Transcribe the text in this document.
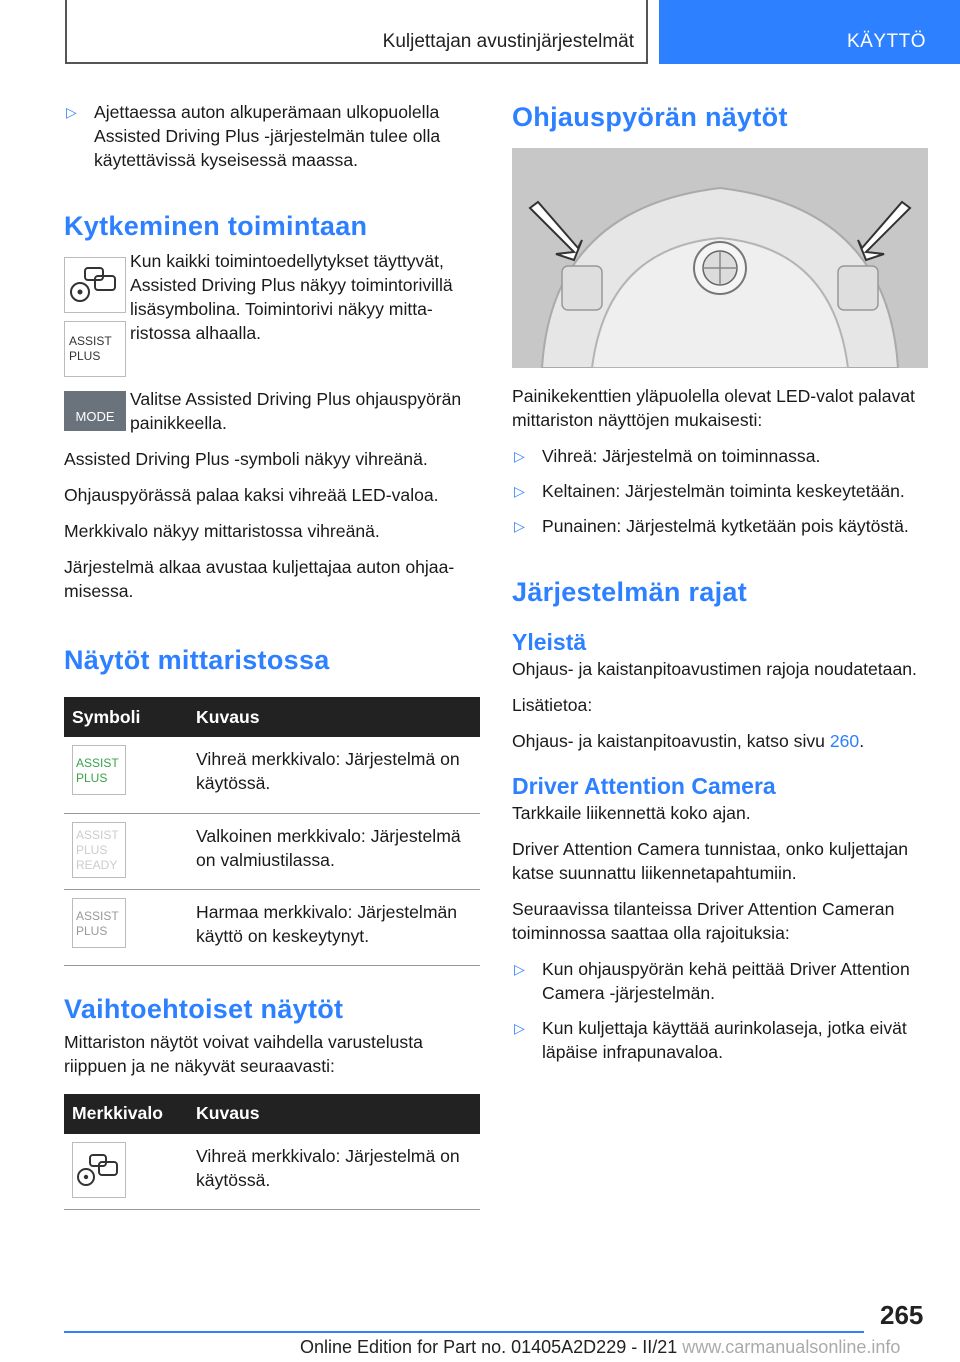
Kuljettajan avustinjärjestelmät	KÄYTTÖ
▷ Ajettaessa auton alkuperämaan ulkopuolella Assisted Driving Plus -järjestelmän tulee olla käytettävissä kyseisessä maassa.
Kytkeminen toimintaan
ASSIST PLUS

Kun kaikki toimintoedellytykset täyttyvät, Assisted Driving Plus näkyy toimintorivillä lisäsymbolina. Toimintorivi näkyy mittaristossa alhaalla.

MODE

Valitse Assisted Driving Plus ohjauspyörän painikkeella.

Assisted Driving Plus -symboli näkyy vihreänä.

Ohjauspyörässä palaa kaksi vihreää LED-valoa.

Merkkivalo näkyy mittaristossa vihreänä.

Järjestelmä alkaa avustaa kuljettajaa auton ohjaamisessa.

Näytöt mittaristossa
Symboli	Kuvaus

ASSIST PLUS	Vihreä merkkivalo: Järjestelmä on käytössä.

ASSIST PLUS READY	Valkoinen merkkivalo: Järjestelmä on valmiustilassa.

ASSIST PLUS	Harmaa merkkivalo: Järjestelmän käyttö on keskeytynyt.
Vaihtoehtoiset näytöt

Mittariston näytöt voivat vaihdella varustelusta riippuen ja ne näkyvät seuraavasti:

Merkkivalo	Kuvaus

	Vihreä merkkivalo: Järjestelmä on käytössä.
Ohjauspyörän näytöt

Painikekenttien yläpuolella olevat LED-valot palavat mittariston näyttöjen mukaisesti:

▷ Vihreä: Järjestelmä on toiminnassa.
▷ Keltainen: Järjestelmän toiminta keskeytetään.
▷ Punainen: Järjestelmä kytketään pois käytöstä.
Järjestelmän rajat
Yleistä

Ohjaus- ja kaistanpitoavustimen rajoja noudatetaan.

Lisätietoa:

Ohjaus- ja kaistanpitoavustin, katso sivu 260.

Driver Attention Camera

Tarkkaile liikennettä koko ajan.

Driver Attention Camera tunnistaa, onko kuljettajan katse suunnattu liikennetapahtumiin.

Seuraavissa tilanteissa Driver Attention Cameran toiminnossa saattaa olla rajoituksia:

▷ Kun ohjauspyörän kehä peittää Driver Attention Camera -järjestelmän.
▷ Kun kuljettaja käyttää aurinkolaseja, jotka eivät läpäise infrapunavaloa.
265
Online Edition for Part no. 01405A2D229 - II/21 www.carmanualsonline.info
